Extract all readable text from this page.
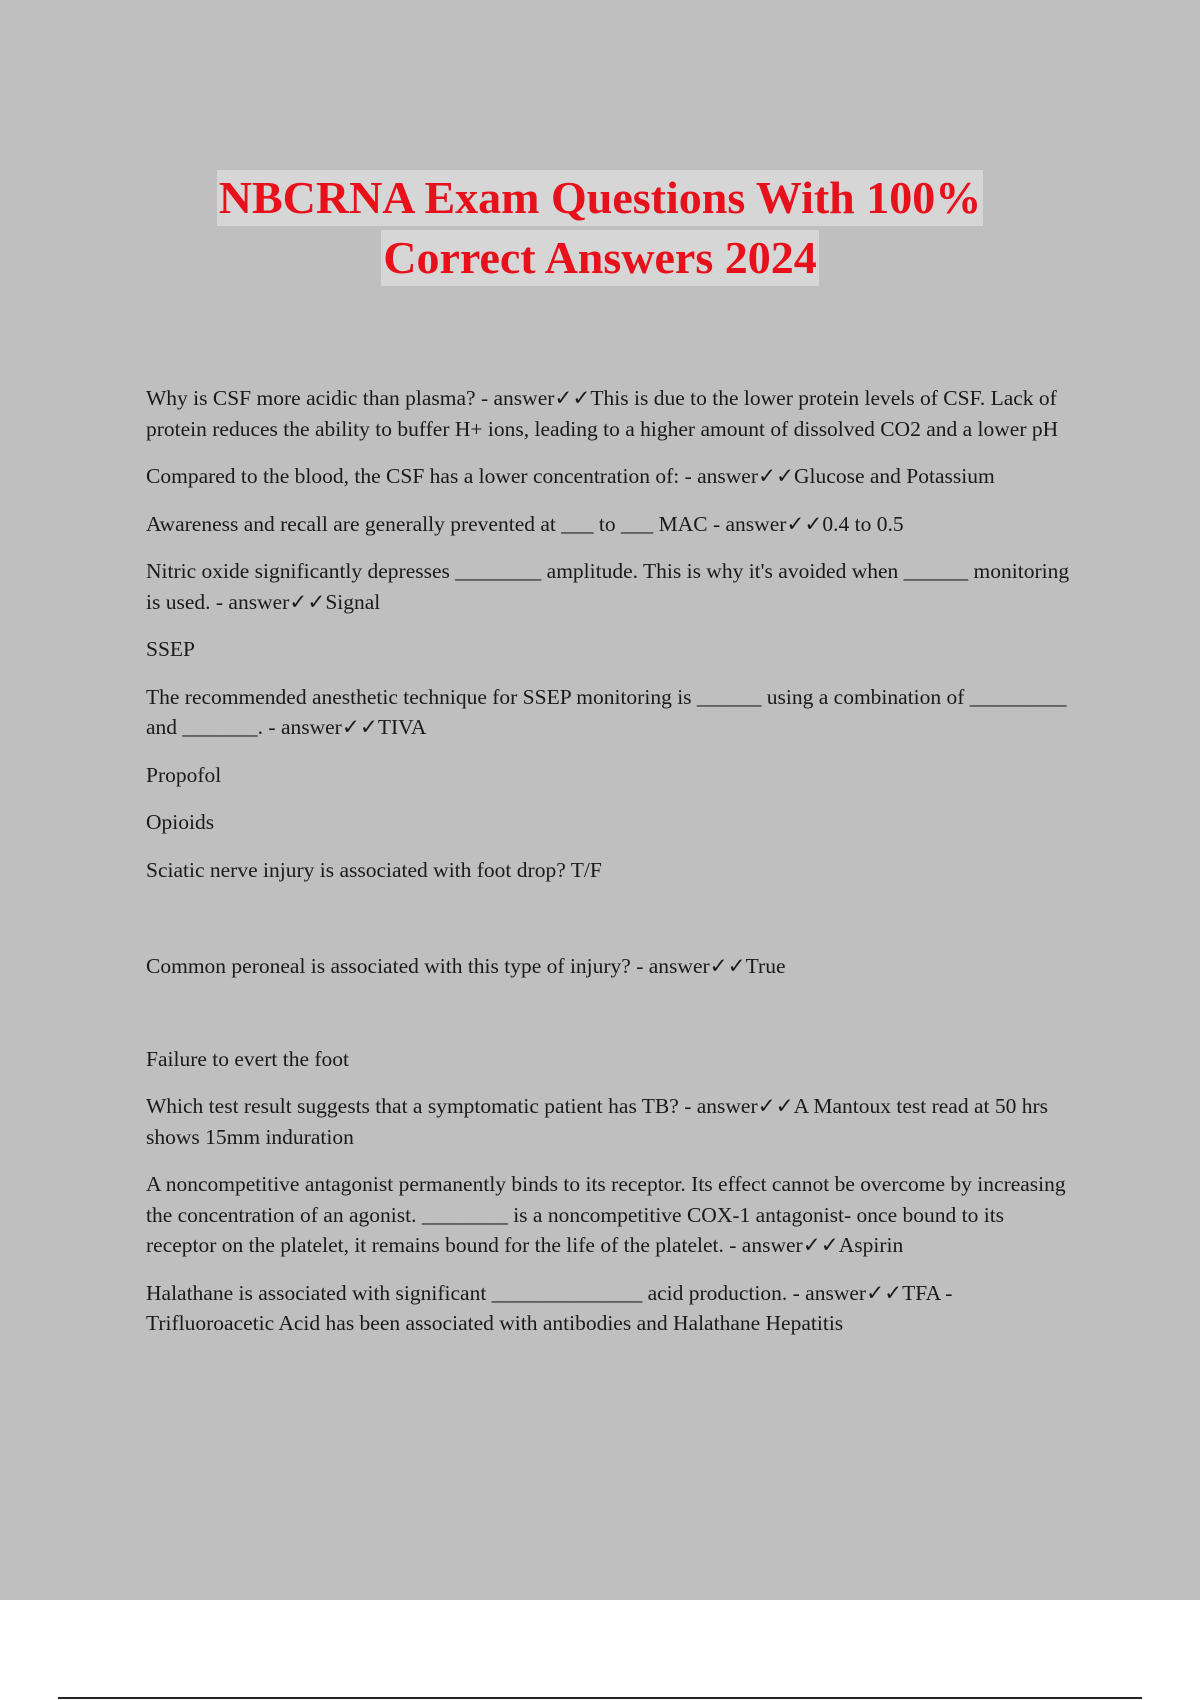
NBCRNA Exam Questions With 100%
Correct Answers 2024

Why is CSF more acidic than plasma? - answer✓✓This is due to the lower protein levels of CSF. Lack of protein reduces the ability to buffer H+ ions, leading to a higher amount of dissolved CO2 and a lower pH

Compared to the blood, the CSF has a lower concentration of: - answer✓✓Glucose and Potassium

Awareness and recall are generally prevented at ___ to ___ MAC - answer✓✓0.4 to 0.5

Nitric oxide significantly depresses ________ amplitude. This is why it's avoided when ______ monitoring is used. - answer✓✓Signal

SSEP

The recommended anesthetic technique for SSEP monitoring is ______ using a combination of _________ and _______. - answer✓✓TIVA

Propofol

Opioids

Sciatic nerve injury is associated with foot drop? T/F

Common peroneal is associated with this type of injury? - answer✓✓True

Failure to evert the foot

Which test result suggests that a symptomatic patient has TB? - answer✓✓A Mantoux test read at 50 hrs shows 15mm induration

A noncompetitive antagonist permanently binds to its receptor. Its effect cannot be overcome by increasing the concentration of an agonist. ________ is a noncompetitive COX-1 antagonist- once bound to its receptor on the platelet, it remains bound for the life of the platelet. - answer✓✓Aspirin

Halathane is associated with significant ______________ acid production. - answer✓✓TFA - Trifluoroacetic Acid has been associated with antibodies and Halathane Hepatitis
